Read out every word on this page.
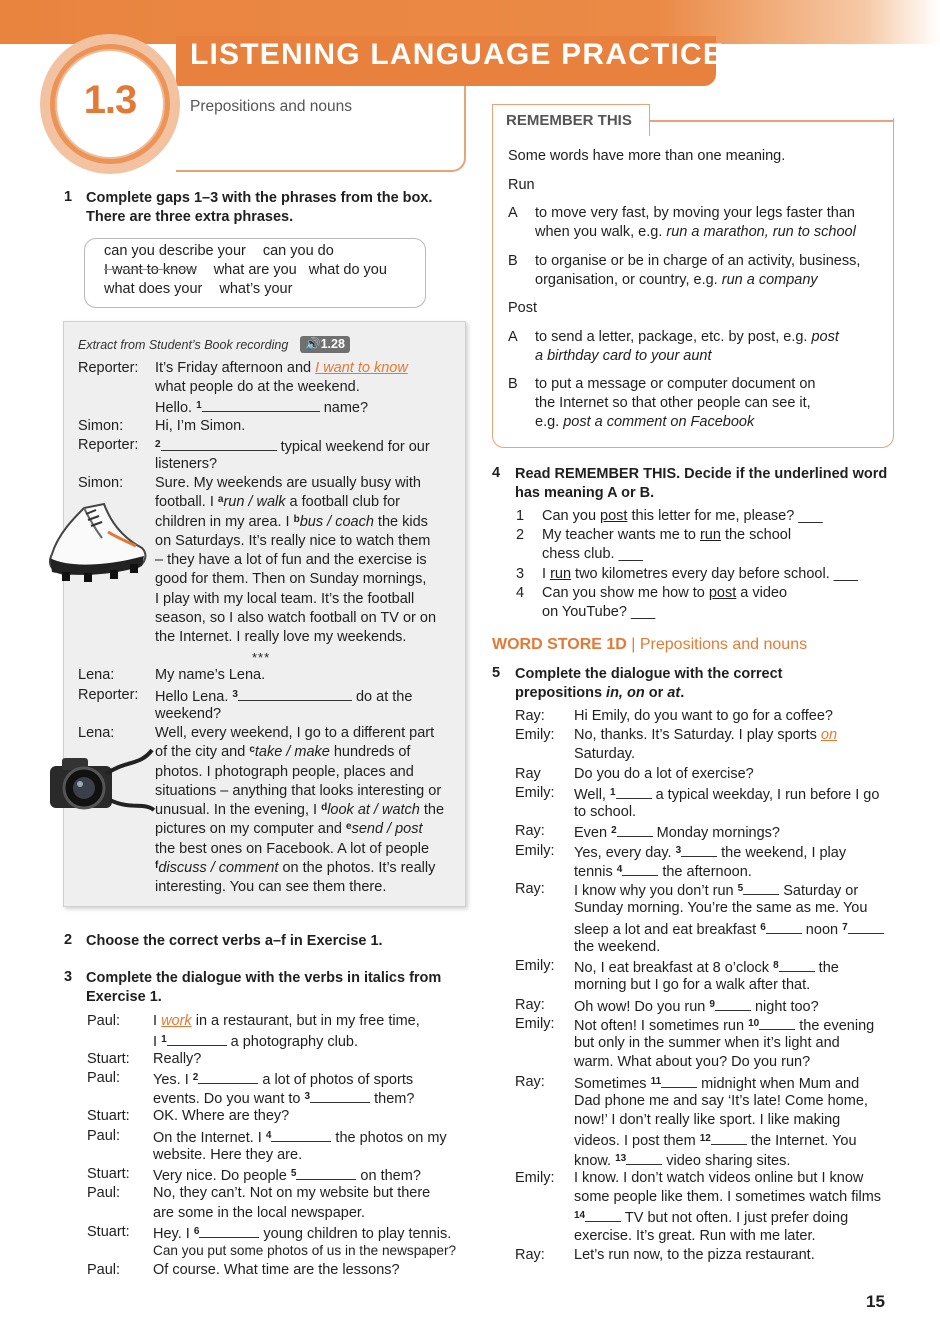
LISTENING LANGUAGE PRACTICE
1.3	Prepositions and nouns
1 Complete gaps 1–3 with the phrases from the box.
There are three extra phrases.
can you describe your can you do
I want to know what are you what do you
what does your what’s your
Extract from Student’s Book recording	🔊1.28
Reporter: It’s Friday afternoon and I want to know
what people do at the weekend.
Hello. $^1$	name?
Simon: Hi, I’m Simon.
Reporter: $^2$	typical weekend for our
listeners?
Simon: Sure. My weekends are usually busy with
football. I $^a$run / walk a football club for
children in my area. I $^b$bus / coach the kids
on Saturdays. It’s really nice to watch them
– they have a lot of fun and the exercise is
good for them. Then on Sunday mornings,
I play with my local team. It’s the football
season, so I also watch football on TV or on
the Internet. I really love my weekends.
***
Lena:	My name’s Lena.
Reporter: Hello Lena. $^3$	do at the
weekend?
Lena:	Well, every weekend, I go to a different part
of the city and $^c$take / make hundreds of
photos. I photograph people, places and
situations – anything that looks interesting or
unusual. In the evening, I $^d$look at / watch the
pictures on my computer and $^e$send / post
the best ones on Facebook. A lot of people
$^f$discuss / comment on the photos. It’s really
interesting. You can see them there.
2 Choose the correct verbs a–f in Exercise 1.
3 Complete the dialogue with the verbs in italics from
Exercise 1.
Paul: I work in a restaurant, but in my free time,
I $^1$	a photography club.
Stuart: Really?
Paul: Yes. I $^2$	a lot of photos of sports
events. Do you want to $^3$	them?
Stuart: OK. Where are they?
Paul: On the Internet. I $^4$	the photos on my
website. Here they are.
Stuart: Very nice. Do people $^5$	on them?
Paul: No, they can’t. Not on my website but there
are some in the local newspaper.
Stuart: Hey. I $^6$	young children to play tennis.
Can you put some photos of us in the newspaper?
Paul: Of course. What time are the lessons?
REMEMBER THIS
Some words have more than one meaning.
Run
A to move very fast, by moving your legs faster than
when you walk, e.g. run a marathon, run to school
B to organise or be in charge of an activity, business,
organisation, or country, e.g. run a company
Post
A to send a letter, package, etc. by post, e.g. post
a birthday card to your aunt
B to put a message or computer document on
the Internet so that other people can see it,
e.g. post a comment on Facebook
4 Read REMEMBER THIS. Decide if the underlined word
has meaning A or B.
1 Can you post this letter for me, please? ___
2 My teacher wants me to run the school
chess club. ___
3 I run two kilometres every day before school. ___
4 Can you show me how to post a video
on YouTube? ___
WORD STORE 1D | Prepositions and nouns
5 Complete the dialogue with the correct
prepositions in, on or at.
Ray: Hi Emily, do you want to go for a coffee?
Emily: No, thanks. It’s Saturday. I play sports on
Saturday.
Ray Do you do a lot of exercise?
Emily: Well, $^1$ a typical weekday, I run before I go
to school.
Ray: Even $^2$ Monday mornings?
Emily: Yes, every day. $^3$ the weekend, I play
tennis $^4$ the afternoon.
Ray: I know why you don’t run $^5$ Saturday or
Sunday morning. You’re the same as me. You
sleep a lot and eat breakfast $^6$ noon $^7$
the weekend.
Emily: No, I eat breakfast at 8 o’clock $^8$ the
morning but I go for a walk after that.
Ray: Oh wow! Do you run $^9$ night too?
Emily: Not often! I sometimes run $^{10}$ the evening
but only in the summer when it’s light and
warm. What about you? Do you run?
Ray: Sometimes $^{11}$ midnight when Mum and
Dad phone me and say ‘It’s late! Come home,
now!’ I don’t really like sport. I like making
videos. I post them $^{12}$ the Internet. You
know. $^{13}$ video sharing sites.
Emily: I know. I don’t watch videos online but I know
some people like them. I sometimes watch films
$^{14}$ TV but not often. I just prefer doing
exercise. It’s great. Run with me later.
Ray: Let’s run now, to the pizza restaurant.
15
